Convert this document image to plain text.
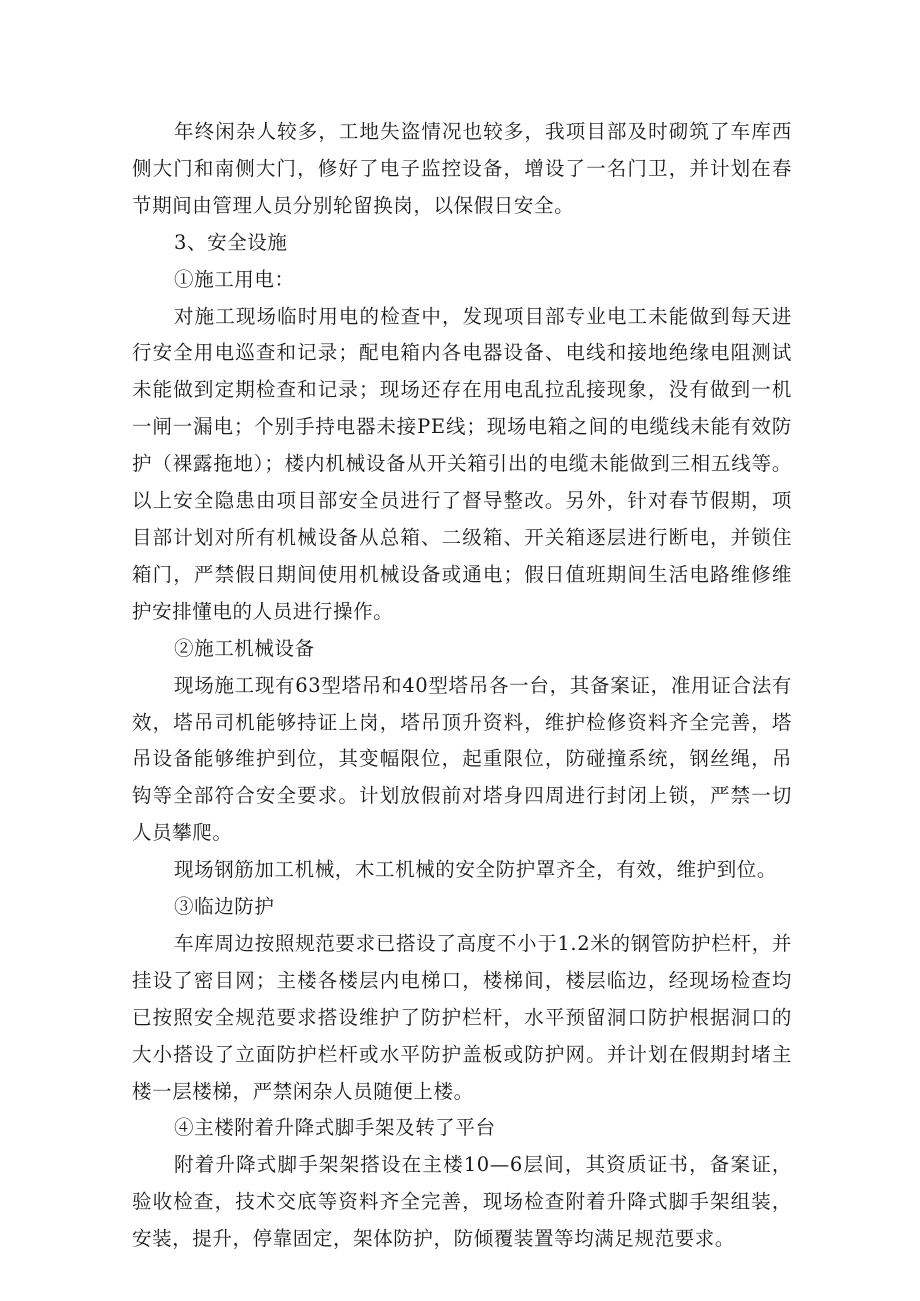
年终闲杂人较多，工地失盗情况也较多，我项目部及时砌筑了车库西侧大门和南侧大门，修好了电子监控设备，增设了一名门卫，并计划在春节期间由管理人员分别轮留换岗，以保假日安全。

3、安全设施

①施工用电：

对施工现场临时用电的检查中，发现项目部专业电工未能做到每天进行安全用电巡查和记录；配电箱内各电器设备、电线和接地绝缘电阻测试未能做到定期检查和记录；现场还存在用电乱拉乱接现象，没有做到一机一闸一漏电；个别手持电器未接PE线；现场电箱之间的电缆线未能有效防护（裸露拖地）；楼内机械设备从开关箱引出的电缆未能做到三相五线等。以上安全隐患由项目部安全员进行了督导整改。另外，针对春节假期，项目部计划对所有机械设备从总箱、二级箱、开关箱逐层进行断电，并锁住箱门，严禁假日期间使用机械设备或通电；假日值班期间生活电路维修维护安排懂电的人员进行操作。

②施工机械设备

现场施工现有63型塔吊和40型塔吊各一台，其备案证，准用证合法有效，塔吊司机能够持证上岗，塔吊顶升资料，维护检修资料齐全完善，塔吊设备能够维护到位，其变幅限位，起重限位，防碰撞系统，钢丝绳，吊钩等全部符合安全要求。计划放假前对塔身四周进行封闭上锁，严禁一切人员攀爬。

现场钢筋加工机械，木工机械的安全防护罩齐全，有效，维护到位。

③临边防护

车库周边按照规范要求已搭设了高度不小于1.2米的钢管防护栏杆，并挂设了密目网；主楼各楼层内电梯口，楼梯间，楼层临边，经现场检查均已按照安全规范要求搭设维护了防护栏杆，水平预留洞口防护根据洞口的大小搭设了立面防护栏杆或水平防护盖板或防护网。并计划在假期封堵主楼一层楼梯，严禁闲杂人员随便上楼。

④主楼附着升降式脚手架及转了平台

附着升降式脚手架架搭设在主楼10—6层间，其资质证书，备案证，验收检查，技术交底等资料齐全完善，现场检查附着升降式脚手架组装，安装，提升，停靠固定，架体防护，防倾覆装置等均满足规范要求。
